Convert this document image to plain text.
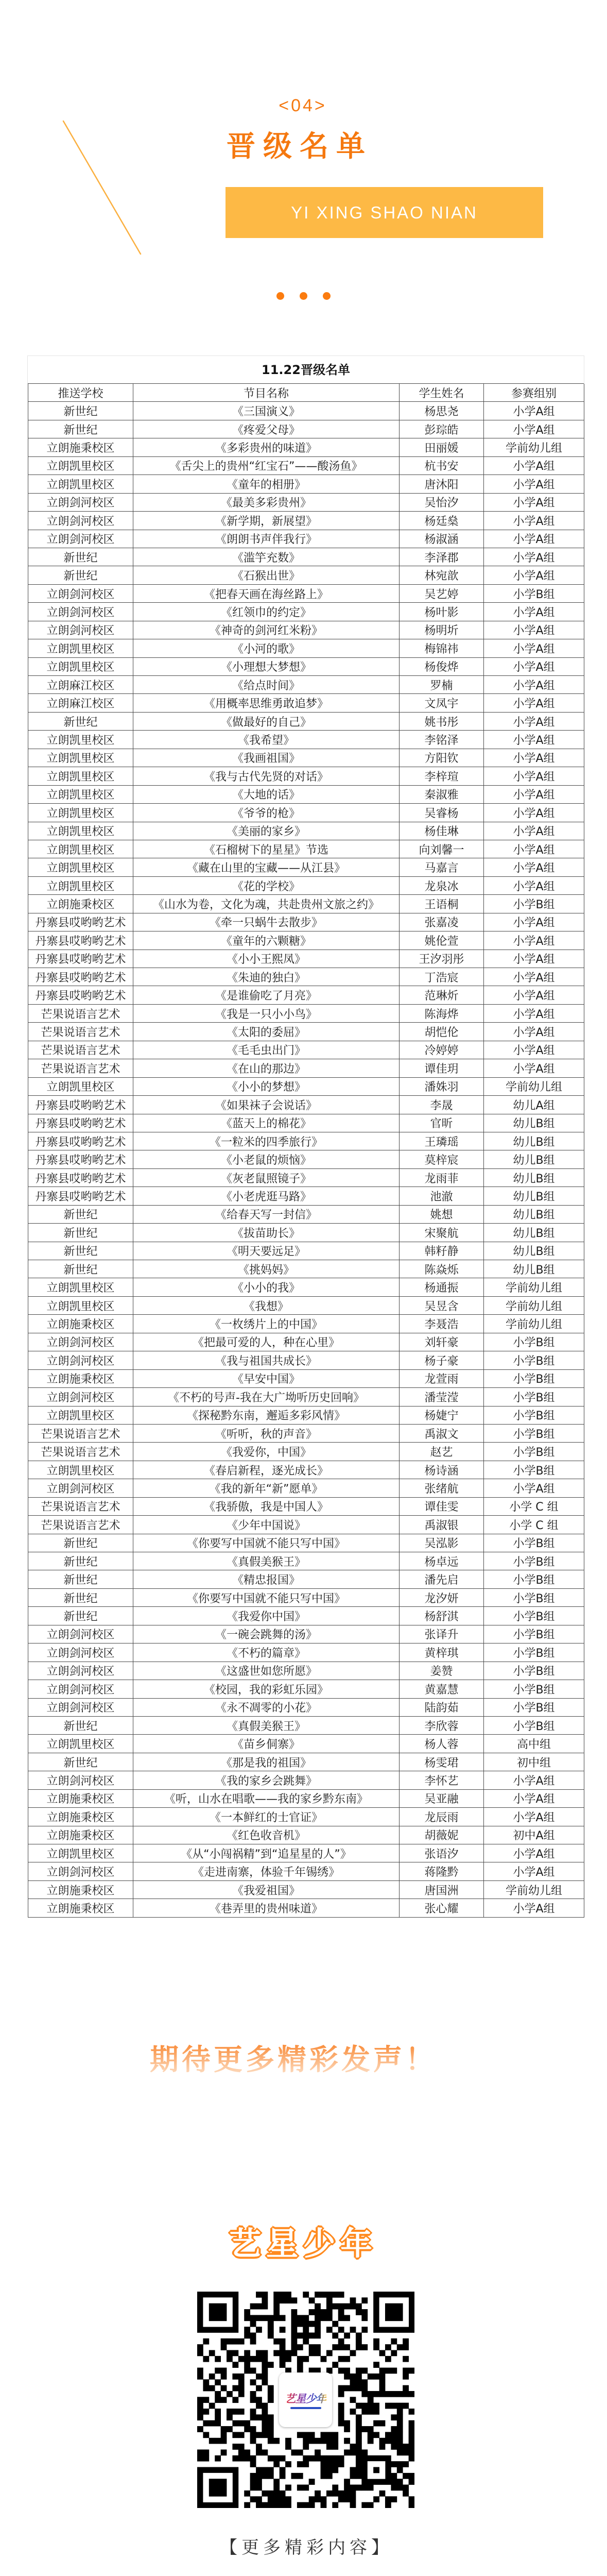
<04>
晋级名单
YI XING SHAO NIAN
11.22晋级名单
推送学校	节目名称	学生姓名	参赛组别
新世纪	《三国演义》	杨思尧	小学A组
新世纪	《疼爱父母》	彭琮皓	小学A组
立朗施秉校区	《多彩贵州的味道》	田丽媛	学前幼儿组
立朗凯里校区	《舌尖上的贵州“红宝石”——酸汤鱼》	杭书安	小学A组
立朗凯里校区	《童年的相册》	唐沐阳	小学A组
立朗剑河校区	《最美多彩贵州》	吴怡汐	小学A组
立朗剑河校区	《新学期，新展望》	杨廷燊	小学A组
立朗剑河校区	《朗朗书声伴我行》	杨淑涵	小学A组
新世纪	《滥竽充数》	李泽郡	小学A组
新世纪	《石猴出世》	林宛歆	小学A组
立朗剑河校区	《把春天画在海丝路上》	吴艺婷	小学B组
立朗剑河校区	《红领巾的约定》	杨叶影	小学A组
立朗剑河校区	《神奇的剑河红米粉》	杨明圻	小学A组
立朗凯里校区	《小河的歌》	梅锦祎	小学A组
立朗凯里校区	《小理想大梦想》	杨俊烨	小学A组
立朗麻江校区	《给点时间》	罗楠	小学A组
立朗麻江校区	《用概率思维勇敢追梦》	文凤宇	小学A组
新世纪	《做最好的自己》	姚书彤	小学A组
立朗凯里校区	《我希望》	李铭泽	小学A组
立朗凯里校区	《我画祖国》	方阳钦	小学A组
立朗凯里校区	《我与古代先贤的对话》	李梓瑄	小学A组
立朗凯里校区	《大地的话》	秦淑雅	小学A组
立朗凯里校区	《爷爷的枪》	吴睿杨	小学A组
立朗凯里校区	《美丽的家乡》	杨佳琳	小学A组
立朗凯里校区	《石榴树下的星星》节选	向刘馨一	小学A组
立朗凯里校区	《藏在山里的宝藏——从江县》	马嘉言	小学A组
立朗凯里校区	《花的学校》	龙泉冰	小学A组
立朗施秉校区	《山水为卷，文化为魂，共赴贵州文旅之约》	王语桐	小学B组
丹寨县哎哟哟艺术	《牵一只蜗牛去散步》	张嘉凌	小学A组
丹寨县哎哟哟艺术	《童年的六颗糖》	姚伦萱	小学A组
丹寨县哎哟哟艺术	《小小王熙凤》	王汐羽彤	小学A组
丹寨县哎哟哟艺术	《朱迪的独白》	丁浩宸	小学A组
丹寨县哎哟哟艺术	《是谁偷吃了月亮》	范琳炘	小学A组
芒果说语言艺术	《我是一只小小鸟》	陈海烨	小学A组
芒果说语言艺术	《太阳的委屈》	胡恺伦	小学A组
芒果说语言艺术	《毛毛虫出门》	冷婷婷	小学A组
芒果说语言艺术	《在山的那边》	谭佳玥	小学A组
立朗凯里校区	《小小的梦想》	潘姝羽	学前幼儿组
丹寨县哎哟哟艺术	《如果袜子会说话》	李晟	幼儿A组
丹寨县哎哟哟艺术	《蓝天上的棉花》	官昕	幼儿B组
丹寨县哎哟哟艺术	《一粒米的四季旅行》	王璘瑶	幼儿B组
丹寨县哎哟哟艺术	《小老鼠的烦恼》	莫梓宸	幼儿B组
丹寨县哎哟哟艺术	《灰老鼠照镜子》	龙雨菲	幼儿B组
丹寨县哎哟哟艺术	《小老虎逛马路》	池澈	幼儿B组
新世纪	《给春天写一封信》	姚想	幼儿B组
新世纪	《拔苗助长》	宋聚航	幼儿B组
新世纪	《明天要远足》	韩籽静	幼儿B组
新世纪	《挑妈妈》	陈焱烁	幼儿B组
立朗凯里校区	《小小的我》	杨通振	学前幼儿组
立朗凯里校区	《我想》	吴昱含	学前幼儿组
立朗施秉校区	《一枚绣片上的中国》	李聂浩	学前幼儿组
立朗剑河校区	《把最可爱的人，种在心里》	刘轩豪	小学B组
立朗剑河校区	《我与祖国共成长》	杨子豪	小学B组
立朗施秉校区	《早安中国》	龙萱雨	小学B组
立朗剑河校区	《不朽的号声-我在大广坳听历史回响》	潘莹滢	小学B组
立朗凯里校区	《探秘黔东南，邂逅多彩风情》	杨婕宁	小学B组
芒果说语言艺术	《听听，秋的声音》	禹淑文	小学B组
芒果说语言艺术	《我爱你，中国》	赵艺	小学B组
立朗凯里校区	《春启新程，逐光成长》	杨诗涵	小学B组
立朗剑河校区	《我的新年“新”愿单》	张绪航	小学A组
芒果说语言艺术	《我骄傲，我是中国人》	谭佳雯	小学 C 组
芒果说语言艺术	《少年中国说》	禹淑银	小学 C 组
新世纪	《你要写中国就不能只写中国》	吴泓影	小学B组
新世纪	《真假美猴王》	杨卓远	小学B组
新世纪	《精忠报国》	潘先启	小学B组
新世纪	《你要写中国就不能只写中国》	龙汐妍	小学B组
新世纪	《我爱你中国》	杨舒淇	小学B组
立朗剑河校区	《一碗会跳舞的汤》	张译升	小学B组
立朗剑河校区	《不朽的篇章》	黄梓琪	小学B组
立朗剑河校区	《这盛世如您所愿》	姜赞	小学B组
立朗剑河校区	《校园，我的彩虹乐园》	黄嘉慧	小学B组
立朗剑河校区	《永不凋零的小花》	陆韵茹	小学B组
新世纪	《真假美猴王》	李欣蓉	小学B组
立朗凯里校区	《苗乡侗寨》	杨人蓉	高中组
新世纪	《那是我的祖国》	杨雯珺	初中组
立朗剑河校区	《我的家乡会跳舞》	李怀艺	小学A组
立朗施秉校区	《听，山水在唱歌——我的家乡黔东南》	吴亚融	小学A组
立朗施秉校区	《一本鲜红的士官证》	龙辰雨	小学A组
立朗施秉校区	《红色收音机》	胡薇妮	初中A组
立朗凯里校区	《从“小闯祸精”到“追星星的人”》	张语汐	小学A组
立朗剑河校区	《走进南寨，体验千年锡绣》	蒋隆黔	小学A组
立朗施秉校区	《我爱祖国》	唐国洲	学前幼儿组
立朗施秉校区	《巷弄里的贵州味道》	张心耀	小学A组
期待更多精彩发声！
艺星少年
艺星少年
【更多精彩内容】
